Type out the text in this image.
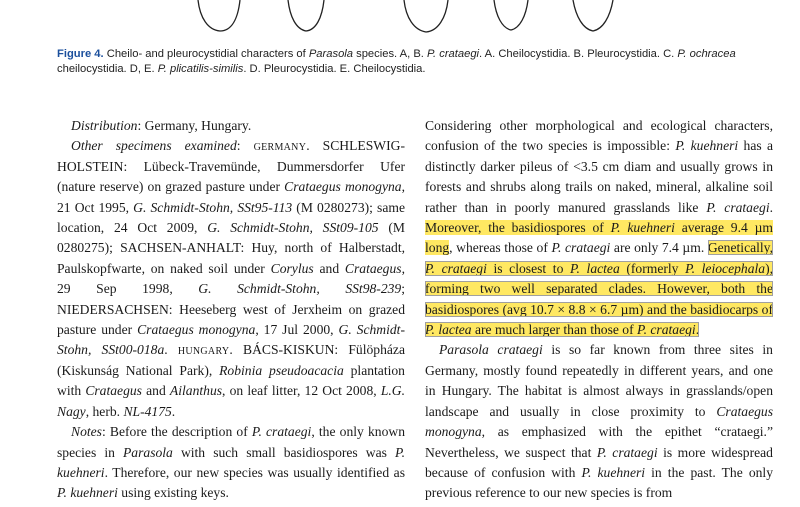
Figure 4. Cheilo- and pleurocystidial characters of Parasola species. A, B. P. crataegi. A. Cheilocystidia. B. Pleurocystidia. C. P. ochracea cheilocystidia. D, E. P. plicatilis-similis. D. Pleurocystidia. E. Cheilocystidia.

Distribution: Germany, Hungary.

Other specimens examined: germany. SCHLESWIG-HOLSTEIN: Lübeck-Travemünde, Dummersdorfer Ufer (nature reserve) on grazed pasture under Crataegus monogyna, 21 Oct 1995, G. Schmidt-Stohn, SSt95-113 (M 0280273); same location, 24 Oct 2009, G. Schmidt-Stohn, SSt09-105 (M 0280275); SACHSEN-ANHALT: Huy, north of Halberstadt, Paulskopfwarte, on naked soil under Corylus and Crataegus, 29 Sep 1998, G. Schmidt-Stohn, SSt98-239; NIEDERSACHSEN: Heeseberg west of Jerxheim on grazed pasture under Crataegus monogyna, 17 Jul 2000, G. Schmidt-Stohn, SSt00-018a. hungary. BÁCS-KISKUN: Fülöpháza (Kiskunság National Park), Robinia pseudoacacia plantation with Crataegus and Ailanthus, on leaf litter, 12 Oct 2008, L.G. Nagy, herb. NL-4175.

Notes: Before the description of P. crataegi, the only known species in Parasola with such small basidiospores was P. kuehneri. Therefore, our new species was usually identified as P. kuehneri using existing keys.

Considering other morphological and ecological characters, confusion of the two species is impossible: P. kuehneri has a distinctly darker pileus of <3.5 cm diam and usually grows in forests and shrubs along trails on naked, mineral, alkaline soil rather than in poorly manured grasslands like P. crataegi. Moreover, the basidiospores of P. kuehneri average 9.4 µm long, whereas those of P. crataegi are only 7.4 µm. Genetically, P. crataegi is closest to P. lactea (formerly P. leiocephala), forming two well separated clades. However, both the basidiospores (avg 10.7 × 8.8 × 6.7 µm) and the basidiocarps of P. lactea are much larger than those of P. crataegi.

Parasola crataegi is so far known from three sites in Germany, mostly found repeatedly in different years, and one in Hungary. The habitat is almost always in grasslands/open landscape and usually in close proximity to Crataegus monogyna, as emphasized with the epithet “crataegi.” Nevertheless, we suspect that P. crataegi is more widespread because of confusion with P. kuehneri in the past. The only previous reference to our new species is from
